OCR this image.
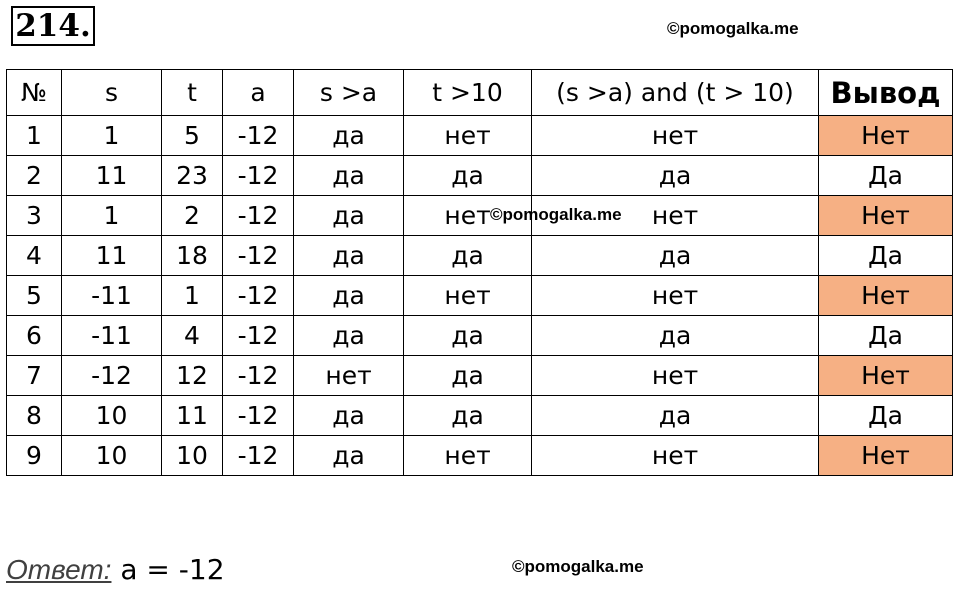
214.	©pomogalka.me
№	s	t	a	s >a	t >10	(s >a) and (t > 10)	Вывод
1	1	5	-12	да	нет	нет	Нет
2	11	23	-12	да	да	да	Да
3	1	2	-12	да	нет	нет	Нет
4	11	18	-12	да	да	да	Да
5	-11	1	-12	да	нет	нет	Нет
6	-11	4	-12	да	да	да	Да
7	-12	12	-12	нет	да	нет	Нет
8	10	11	-12	да	да	да	Да
9	10	10	-12	да	нет	нет	Нет
©pomogalka.me
Ответ: a = -12	©pomogalka.me
